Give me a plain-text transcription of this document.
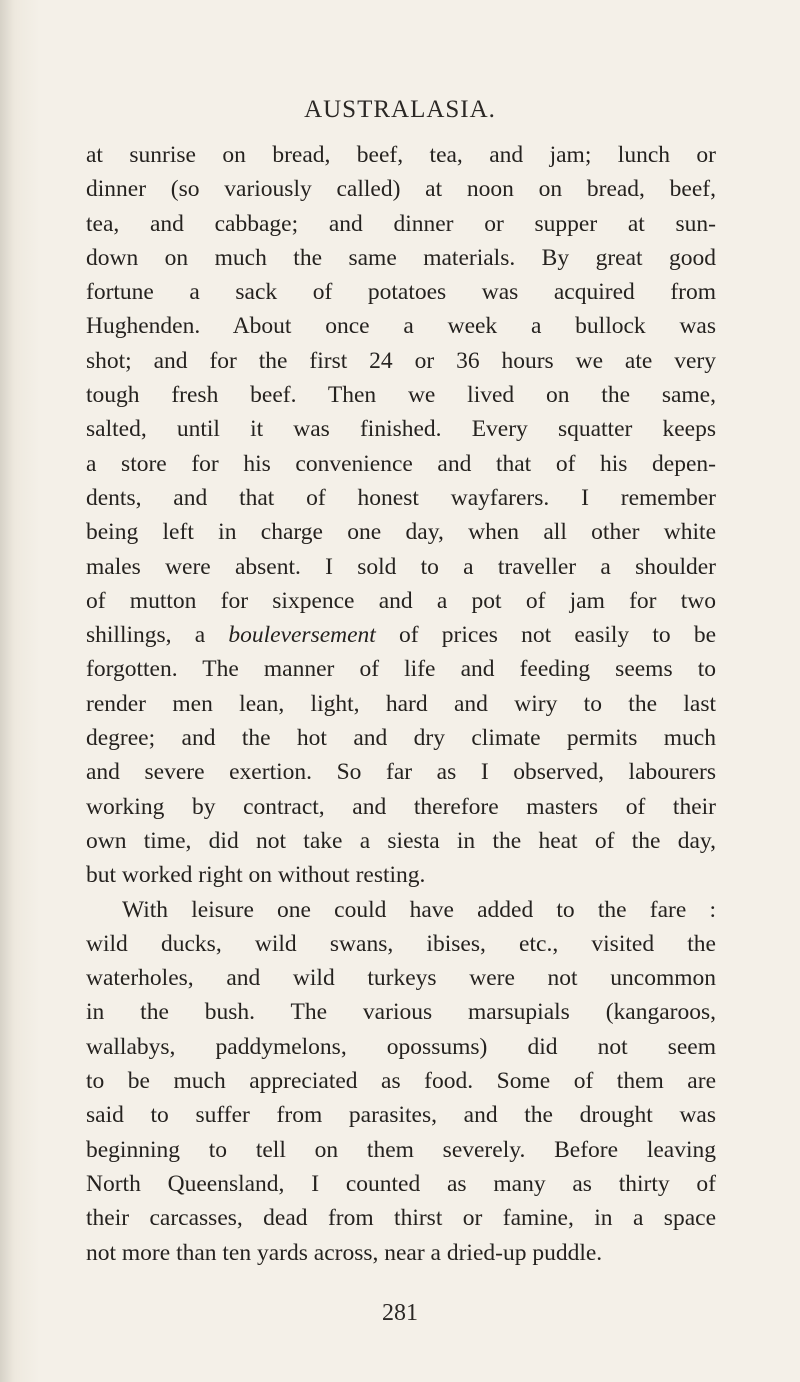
AUSTRALASIA.
at sunrise on bread, beef, tea, and jam; lunch or
dinner (so variously called) at noon on bread, beef,
tea, and cabbage; and dinner or supper at sun-
down on much the same materials. By great good
fortune a sack of potatoes was acquired from
Hughenden. About once a week a bullock was
shot; and for the first 24 or 36 hours we ate very
tough fresh beef. Then we lived on the same,
salted, until it was finished. Every squatter keeps
a store for his convenience and that of his depen-
dents, and that of honest wayfarers. I remember
being left in charge one day, when all other white
males were absent. I sold to a traveller a shoulder
of mutton for sixpence and a pot of jam for two
shillings, a bouleversement of prices not easily to be
forgotten. The manner of life and feeding seems to
render men lean, light, hard and wiry to the last
degree; and the hot and dry climate permits much
and severe exertion. So far as I observed, labourers
working by contract, and therefore masters of their
own time, did not take a siesta in the heat of the day,
but worked right on without resting.
With leisure one could have added to the fare :
wild ducks, wild swans, ibises, etc., visited the
waterholes, and wild turkeys were not uncommon
in the bush. The various marsupials (kangaroos,
wallabys, paddymelons, opossums) did not seem
to be much appreciated as food. Some of them are
said to suffer from parasites, and the drought was
beginning to tell on them severely. Before leaving
North Queensland, I counted as many as thirty of
their carcasses, dead from thirst or famine, in a space
not more than ten yards across, near a dried-up puddle.
281
